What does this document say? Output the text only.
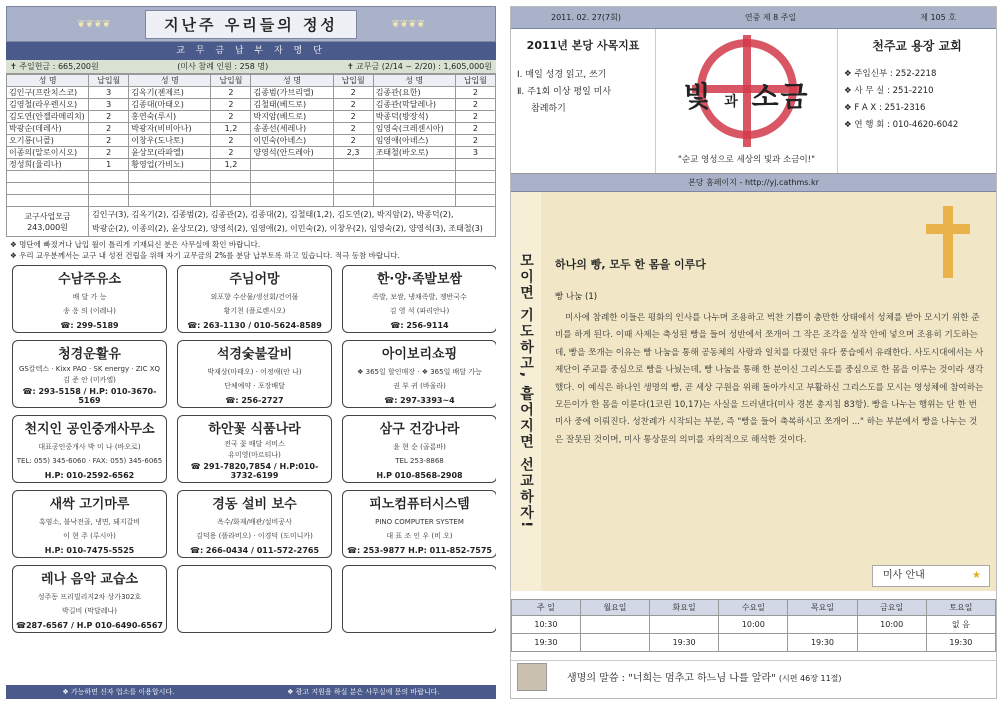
❦❦❦❦	지난주 우리들의 정성	❦❦❦❦
교 무 금 납 부 자 명 단
✝ 주일헌금 : 665,200원	(미사 참례 인원 : 258 명)	✝ 교무금 (2/14 ~ 2/20) : 1,605,000원
성 명	납입월	성 명	납입월	성 명	납입월	성 명	납입월
김인구(프란치스코)	3	김옥기(젠제르)	2	김종범(가브리엘)	2	김종관(요한)	2
김영철(라우렌시오)	3	김종대(마태오)	2	김철태(베드로)	2	김종관(막달레나)	2
김도연(안젤라메리치)	2	홍연숙(루시)	2	박지암(베드로)	2	박종덕(방장석)	2
박광순(데레사)	2	박광자(비비아나)	1,2	송종선(세레나)	2	임영숙(크레센시아)	2
오기룡(니콜)	2	이창우(도나토)	2	이민숙(아녜스)	2	임영애(아녜스)	2
이종의(알로이시오)	2	윤상모(라파엘)	2	양영석(안드레아)	2,3	조태철(바오로)	3
정성희(율리나)	1	황영업(가비노)	1,2				

교구사업모금
243,000원
김인구(3), 김옥기(2), 김종범(2), 김종관(2), 김종대(2), 김철태(1,2), 김도연(2), 박지암(2), 박종덕(2),
박광순(2), 이종의(2), 윤상모(2), 양영석(2), 임영애(2), 이민숙(2), 이창우(2), 임영숙(2), 양영석(3), 조태철(3)
❖ 명단에 빠졌거나 납입 월이 틀리게 기재되신 분은 사무실에 확인 바랍니다.
❖ 우리 교우분께서는 교구 내 성전 건립을 위해 자기 교무금의 2%를 분담 납부토록 하고 있습니다. 적극 동참 바랍니다.
수남주유소
배 달 가 능
송 응 의 (이레나)
☎: 299-5189
주님어망
외포향 수산물/생선회/건어물
황기천 (플로렌시오)
☎: 263-1130 / 010-5624-8589
한·양·족발보쌈
족발, 보쌈, 냉채족발, 쟁반국수
김 영 석 (파리안나)
☎: 256-9114
청경운활유
GS칼텍스 · Kixx PAO · SK energy · ZIC XQ
김 준 안 (미카엘)
☎: 293-5158 / H.P: 010-3670-5169
석경숯불갈비
박재상(마태오) · 어정애(안 나)
단체예약 · 포장배달
☎: 256-2727
아이보리쇼핑
❖ 365일 할인매장 · ❖ 365일 배달 가능
권 부 귀 (바울라)
☎: 297-3393~4
천지인 공인중개사무소
대표공인중개사 박 미 나 (바오로)
TEL: 055) 345-6060 · FAX: 055) 345-6065
H.P: 010-2592-6562
하안꽃 식품나라
전국 꽃 배달 서비스
유미영(마르티나)
☎ 291-7820,7854 / H.P:010-3732-6199
삼구 건강나라
윤 현 순 (골롬바)
TEL 253-8868
H.P 010-8568-2908
새싹 고기마루
흑염소, 불낙전골, 냉면, 돼지갈비
이 현 주 (루시아)
H.P: 010-7475-5525
경동 설비 보수
옥수/화재/배관/설비공사
김덕용 (플라비오) · 이경덕 (도미니카)
☎: 266-0434 / 011-572-2765
피노컴퓨터시스템
PINO COMPUTER SYSTEM
대 표 조 인 우 (비 오)
☎: 253-9877 H.P: 011-852-7575
레나 음악 교습소
성주동 프리빌리지2차 상가302호
박길비 (막달레나)
☎287-6567 / H.P 010-6490-6567
❖ 가능하면 신자 업소를 이용합시다.	❖ 광고 지원을 하실 분은 사무실에 문의 바랍니다.
2011. 02. 27(7회)	연중 제 8 주일	제 105 호
2011년 본당 사목지표
Ⅰ. 매일 성경 읽고, 쓰기
Ⅱ. 주1회 이상 평일 미사
참례하기	빛 과 소금
"순교 영성으로 세상의 빛과 소금이!"
천주교 용장 교회
❖ 주임신부 : 252-2218
❖ 사 무 실 : 251-2210
❖ F A X : 251-2316
❖ 연 행 회 : 010-4620-6042
본당 홈페이지 - http://yj.cathms.kr
모이면 기도하고, 흩어지면 선교하자! 하나의 빵, 모두 한 몸을 이루다
빵 나눔 (1)
미사에 참례한 이들은 평화의 인사를 나누며 조용하고 벅찬 기쁨이 충만한 상태에서 성체를 받아 모시기 위한 준비를 하게 된다. 이때 사제는 축성된 빵을 들어 성반에서 쪼개어 그 작은 조각을 성작 안에 넣으며 조용히 기도하는데, 빵을 쪼개는 이유는 빵 나눔을 통해 공동체의 사랑과 일치를 다졌던 유다 풍습에서 유래한다. 사도시대에서는 사제단이 주교를 중심으로 빵을 나눴는데, 빵 나눔을 통해 한 분이신 그리스도를 중심으로 한 몸을 이루는 것이라 생각했다. 이 예식은 하나인 생명의 빵, 곧 세상 구원을 위해 돌아가시고 부활하신 그리스도를 모시는 영성체에 참여하는 모든이가 한 몸을 이룬다(1코린 10,17)는 사실을 드러낸다(미사 경본 총지침 83항). 빵을 나누는 행위는 단 한 번 미사 중에 이뤄진다. 성찬례가 시작되는 부분, 즉 "빵을 들어 축복하시고 쪼개어 ..." 하는 부분에서 빵을 나누는 것은 잘못된 것이며, 미사 통상문의 의미를 자의적으로 해석한 것이다.
미사 안내	★
주 일	월요일	화요일	수요일	목요일	금요일	토요일
10:30			10:00		10:00	없 음
19:30		19:30		19:30		19:30
생명의 말씀 : "너희는 멈추고 하느님 나를 알라" (시편 46장 11절)
